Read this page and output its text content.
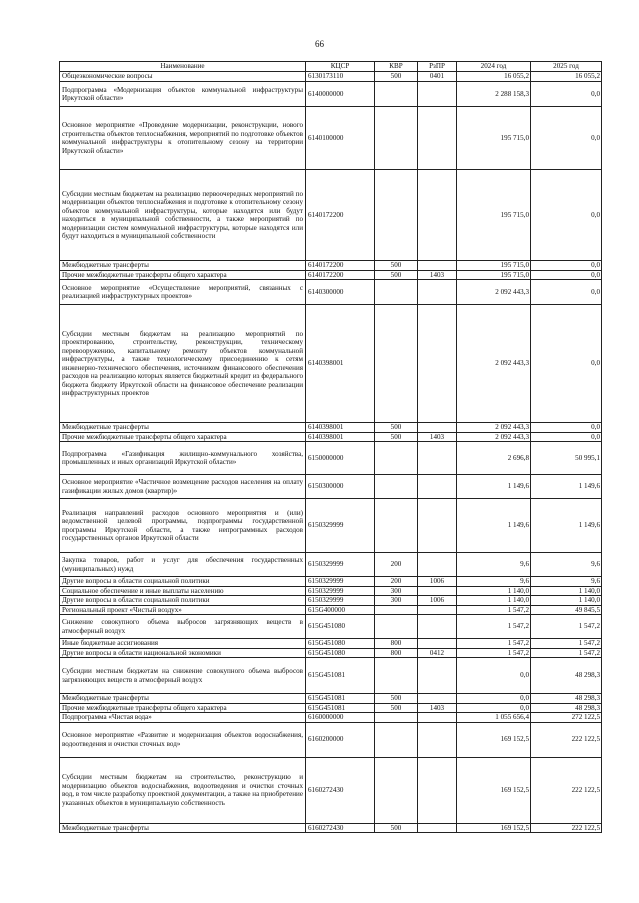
66
Наименование	КЦСР	КВР	РзПР	2024 год	2025 год
Общеэкономические вопросы	6130173110	500	0401	16 055,2	16 055,2
Подпрограмма «Модернизация объектов коммунальной инфраструктуры Иркутской области»	6140000000			2 288 158,3	0,0
Основное мероприятие «Проведение модернизации, реконструкции, нового строительства объектов теплоснабжения, мероприятий по подготовке объектов коммунальной инфраструктуры к отопительному сезону на территории Иркутской области»	6140100000			195 715,0	0,0
Субсидии местным бюджетам на реализацию первоочередных мероприятий по модернизации объектов теплоснабжения и подготовке к отопительному сезону объектов коммунальной инфраструктуры, которые находятся или будут находиться в муниципальной собственности, а также мероприятий по модернизации систем коммунальной инфраструктуры, которые находятся или будут находиться в муниципальной собственности	6140172200			195 715,0	0,0
Межбюджетные трансферты	6140172200	500		195 715,0	0,0
Прочие межбюджетные трансферты общего характера	6140172200	500	1403	195 715,0	0,0
Основное мероприятие «Осуществление мероприятий, связанных с реализацией инфраструктурных проектов»	6140300000			2 092 443,3	0,0
Субсидии местным бюджетам на реализацию мероприятий по проектированию, строительству, реконструкции, техническому перевооружению, капитальному ремонту объектов коммунальной инфраструктуры, а также технологическому присоединению к сетям инженерно-технического обеспечения, источником финансового обеспечения расходов на реализацию которых является бюджетный кредит из федерального бюджета бюджету Иркутской области на финансовое обеспечение реализации инфраструктурных проектов	6140398001			2 092 443,3	0,0
Межбюджетные трансферты	6140398001	500		2 092 443,3	0,0
Прочие межбюджетные трансферты общего характера	6140398001	500	1403	2 092 443,3	0,0
Подпрограмма «Газификация жилищно-коммунального хозяйства, промышленных и иных организаций Иркутской области»	6150000000			2 696,8	50 995,1
Основное мероприятие «Частичное возмещение расходов населения на оплату газификации жилых домов (квартир)»	6150300000			1 149,6	1 149,6
Реализация направлений расходов основного мероприятия и (или) ведомственной целевой программы, подпрограммы государственной программы Иркутской области, а также непрограммных расходов государственных органов Иркутской области	6150329999			1 149,6	1 149,6
Закупка товаров, работ и услуг для обеспечения государственных (муниципальных) нужд	6150329999	200		9,6	9,6
Другие вопросы в области социальной политики	6150329999	200	1006	9,6	9,6
Социальное обеспечение и иные выплаты населению	6150329999	300		1 140,0	1 140,0
Другие вопросы в области социальной политики	6150329999	300	1006	1 140,0	1 140,0
Региональный проект «Чистый воздух»	615G400000			1 547,2	49 845,5
Снижение совокупного объема выбросов загрязняющих веществ в атмосферный воздух	615G451080			1 547,2	1 547,2
Иные бюджетные ассигнования	615G451080	800		1 547,2	1 547,2
Другие вопросы в области национальной экономики	615G451080	800	0412	1 547,2	1 547,2
Субсидии местным бюджетам на снижение совокупного объема выбросов загрязняющих веществ в атмосферный воздух	615G451081			0,0	48 298,3
Межбюджетные трансферты	615G451081	500		0,0	48 298,3
Прочие межбюджетные трансферты общего характера	615G451081	500	1403	0,0	48 298,3
Подпрограмма «Чистая вода»	6160000000			1 055 656,4	272 122,5
Основное мероприятие «Развитие и модернизация объектов водоснабжения, водоотведения и очистки сточных вод»	6160200000			169 152,5	222 122,5
Субсидии местным бюджетам на строительство, реконструкцию и модернизацию объектов водоснабжения, водоотведения и очистки сточных вод, в том числе разработку проектной документации, а также на приобретение указанных объектов в муниципальную собственность	6160272430			169 152,5	222 122,5
Межбюджетные трансферты	6160272430	500		169 152,5	222 122,5
